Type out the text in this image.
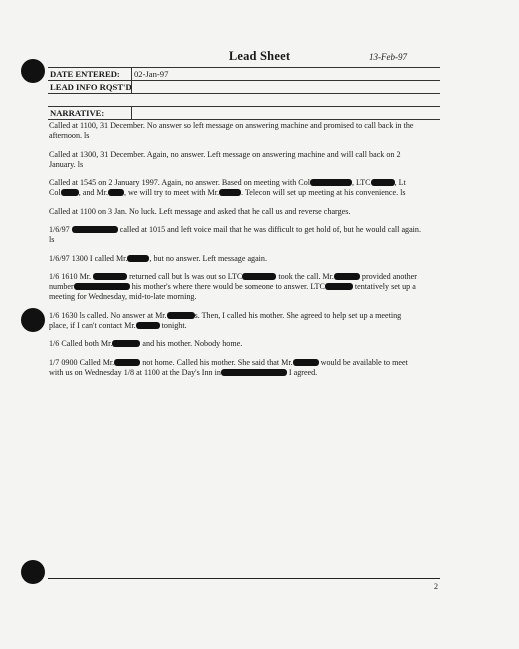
Lead Sheet	13-Feb-97
DATE ENTERED: 02-Jan-97
LEAD INFO RQST'D
NARRATIVE:

Called at 1100, 31 December. No answer so left message on answering machine and promised to call back in the

afternoon. ls

Called at 1300, 31 December. Again, no answer. Left message on answering machine and will call back on 2

January. ls

Called at 1545 on 2 January 1997. Again, no answer. Based on meeting with Col	, LTC	, Lt

Col , and Mr. , we will try to meet with Mr.	. Telecon will set up meeting at his convenience. ls

Called at 1100 on 3 Jan. No luck. Left message and asked that he call us and reverse charges.

1/6/97	called at 1015 and left voice mail that he was difficult to get hold of, but he would call again.

ls

1/6/97 1300 I called Mr.	, but no answer. Left message again.

1/6 1610 Mr.	returned call but ls was out so LTC	took the call. Mr.	provided another

number	his mother's where there would be someone to answer. LTC	tentatively set up a

meeting for Wednesday, mid-to-late morning.

1/6 1630 ls called. No answer at Mr.	s. Then, I called his mother. She agreed to help set up a meeting

place, if I can't contact Mr.	tonight.

1/6 Called both Mr.	and his mother. Nobody home.

1/7 0900 Called Mr.	not home. Called his mother. She said that Mr.	would be available to meet

with us on Wednesday 1/8 at 1100 at the Day's Inn in	I agreed.

2
